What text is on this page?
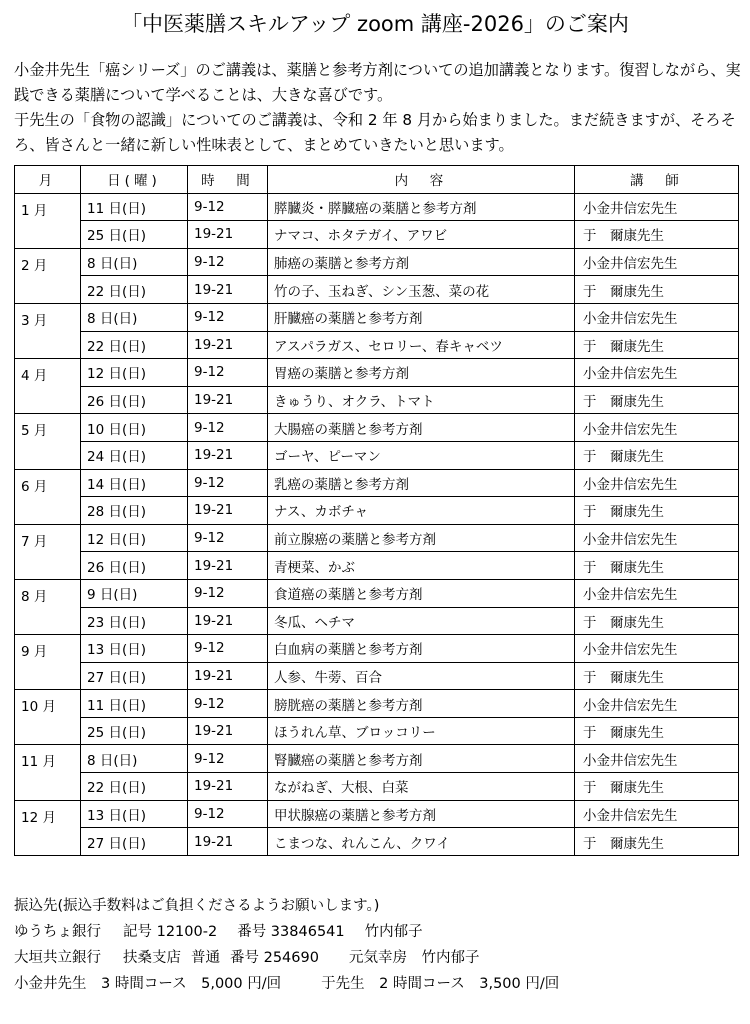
「中医薬膳スキルアップ zoom 講座-2026」のご案内

小金井先生「癌シリーズ」のご講義は、薬膳と参考方剤についての追加講義となります。復習しながら、実践できる薬膳について学べることは、大きな喜びです。

于先生の「食物の認識」についてのご講義は、令和 2 年 8 月から始まりました。まだ続きますが、そろそろ、皆さんと一緒に新しい性味表として、まとめていきたいと思います。

月	日(曜)	時　間	内　容	講　師
1 月	11 日(日)	9-12	膵臓炎・膵臓癌の薬膳と参考方剤	小金井信宏先生
	25 日(日)	19-21	ナマコ、ホタテガイ、アワビ	于　爾康先生
2 月	8 日(日)	9-12	肺癌の薬膳と参考方剤	小金井信宏先生
	22 日(日)	19-21	竹の子、玉ねぎ、シン玉葱、菜の花	于　爾康先生
3 月	8 日(日)	9-12	肝臓癌の薬膳と参考方剤	小金井信宏先生
	22 日(日)	19-21	アスパラガス、セロリー、春キャベツ	于　爾康先生
4 月	12 日(日)	9-12	胃癌の薬膳と参考方剤	小金井信宏先生
	26 日(日)	19-21	きゅうり、オクラ、トマト	于　爾康先生
5 月	10 日(日)	9-12	大腸癌の薬膳と参考方剤	小金井信宏先生
	24 日(日)	19-21	ゴーヤ、ピーマン	于　爾康先生
6 月	14 日(日)	9-12	乳癌の薬膳と参考方剤	小金井信宏先生
	28 日(日)	19-21	ナス、カボチャ	于　爾康先生
7 月	12 日(日)	9-12	前立腺癌の薬膳と参考方剤	小金井信宏先生
	26 日(日)	19-21	青梗菜、かぶ	于　爾康先生
8 月	9 日(日)	9-12	食道癌の薬膳と参考方剤	小金井信宏先生
	23 日(日)	19-21	冬瓜、ヘチマ	于　爾康先生
9 月	13 日(日)	9-12	白血病の薬膳と参考方剤	小金井信宏先生
	27 日(日)	19-21	人参、牛蒡、百合	于　爾康先生
10 月	11 日(日)	9-12	膀胱癌の薬膳と参考方剤	小金井信宏先生
	25 日(日)	19-21	ほうれん草、ブロッコリー	于　爾康先生
11 月	8 日(日)	9-12	腎臓癌の薬膳と参考方剤	小金井信宏先生
	22 日(日)	19-21	ながねぎ、大根、白菜	于　爾康先生
12 月	13 日(日)	9-12	甲状腺癌の薬膳と参考方剤	小金井信宏先生
	27 日(日)	19-21	こまつな、れんこん、クワイ	于　爾康先生
振込先(振込手数料はご負担くださるようお願いします。)
ゆうちょ銀行 記号 12100-2 番号 33846541 竹内郁子
大垣共立銀行 扶桑支店 普通 番号 254690 元気幸房　竹内郁子
小金井先生　3 時間コース　5,000 円/回	于先生　2 時間コース　3,500 円/回
